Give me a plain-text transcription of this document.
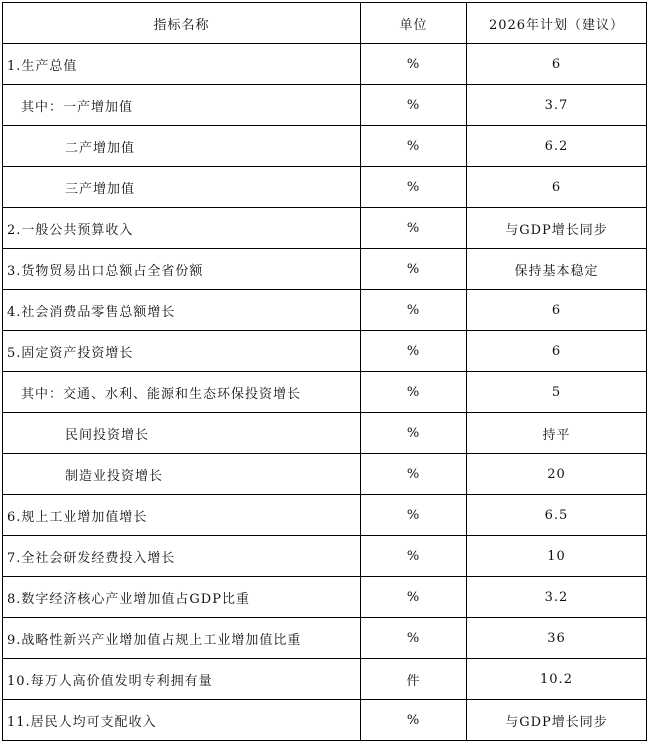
指标名称	单位	2026年计划（建议）
1.生产总值	%	6
其中：一产增加值	%	3.7
二产增加值	%	6.2
三产增加值	%	6
2.一般公共预算收入	%	与GDP增长同步
3.货物贸易出口总额占全省份额	%	保持基本稳定
4.社会消费品零售总额增长	%	6
5.固定资产投资增长	%	6
其中：交通、水利、能源和生态环保投资增长	%	5
民间投资增长	%	持平
制造业投资增长	%	20
6.规上工业增加值增长	%	6.5
7.全社会研发经费投入增长	%	10
8.数字经济核心产业增加值占GDP比重	%	3.2
9.战略性新兴产业增加值占规上工业增加值比重	%	36
10.每万人高价值发明专利拥有量	件	10.2
11.居民人均可支配收入	%	与GDP增长同步
